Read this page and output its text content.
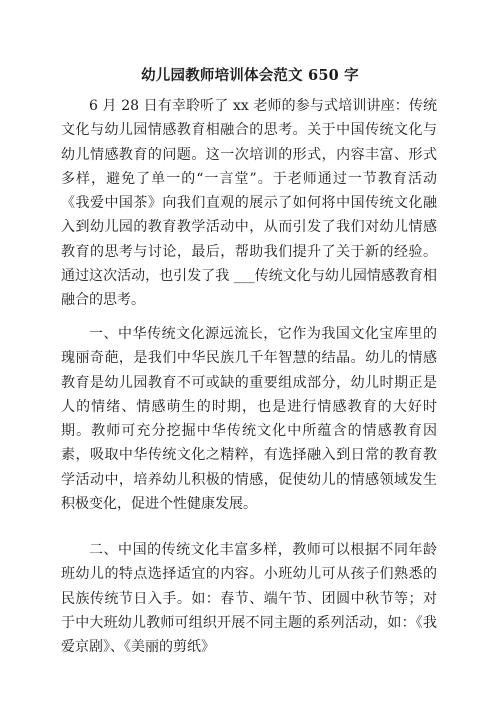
幼儿园教师培训体会范文 650 字

6 月 28 日有幸聆听了 xx 老师的参与式培训讲座：传统文化与幼儿园情感教育相融合的思考。关于中国传统文化与幼儿情感教育的问题。这一次培训的形式，内容丰富、形式多样，避免了单一的“一言堂”。于老师通过一节教育活动《我爱中国茶》向我们直观的展示了如何将中国传统文化融入到幼儿园的教育教学活动中，从而引发了我们对幼儿情感教育的思考与讨论，最后，帮助我们提升了关于新的经验。通过这次活动，也引发了我 ___传统文化与幼儿园情感教育相融合的思考。

一、中华传统文化源远流长，它作为我国文化宝库里的瑰丽奇葩，是我们中华民族几千年智慧的结晶。幼儿的情感教育是幼儿园教育不可或缺的重要组成部分，幼儿时期正是人的情绪、情感萌生的时期，也是进行情感教育的大好时期。教师可充分挖掘中华传统文化中所蕴含的情感教育因素，吸取中华传统文化之精粹，有选择融入到日常的教育教学活动中，培养幼儿积极的情感，促使幼儿的情感领域发生积极变化，促进个性健康发展。

二、中国的传统文化丰富多样，教师可以根据不同年龄班幼儿的特点选择适宜的内容。小班幼儿可从孩子们熟悉的民族传统节日入手。如：春节、端午节、团圆中秋节等；对于中大班幼儿教师可组织开展不同主题的系列活动，如：《我爱京剧》、《美丽的剪纸》
